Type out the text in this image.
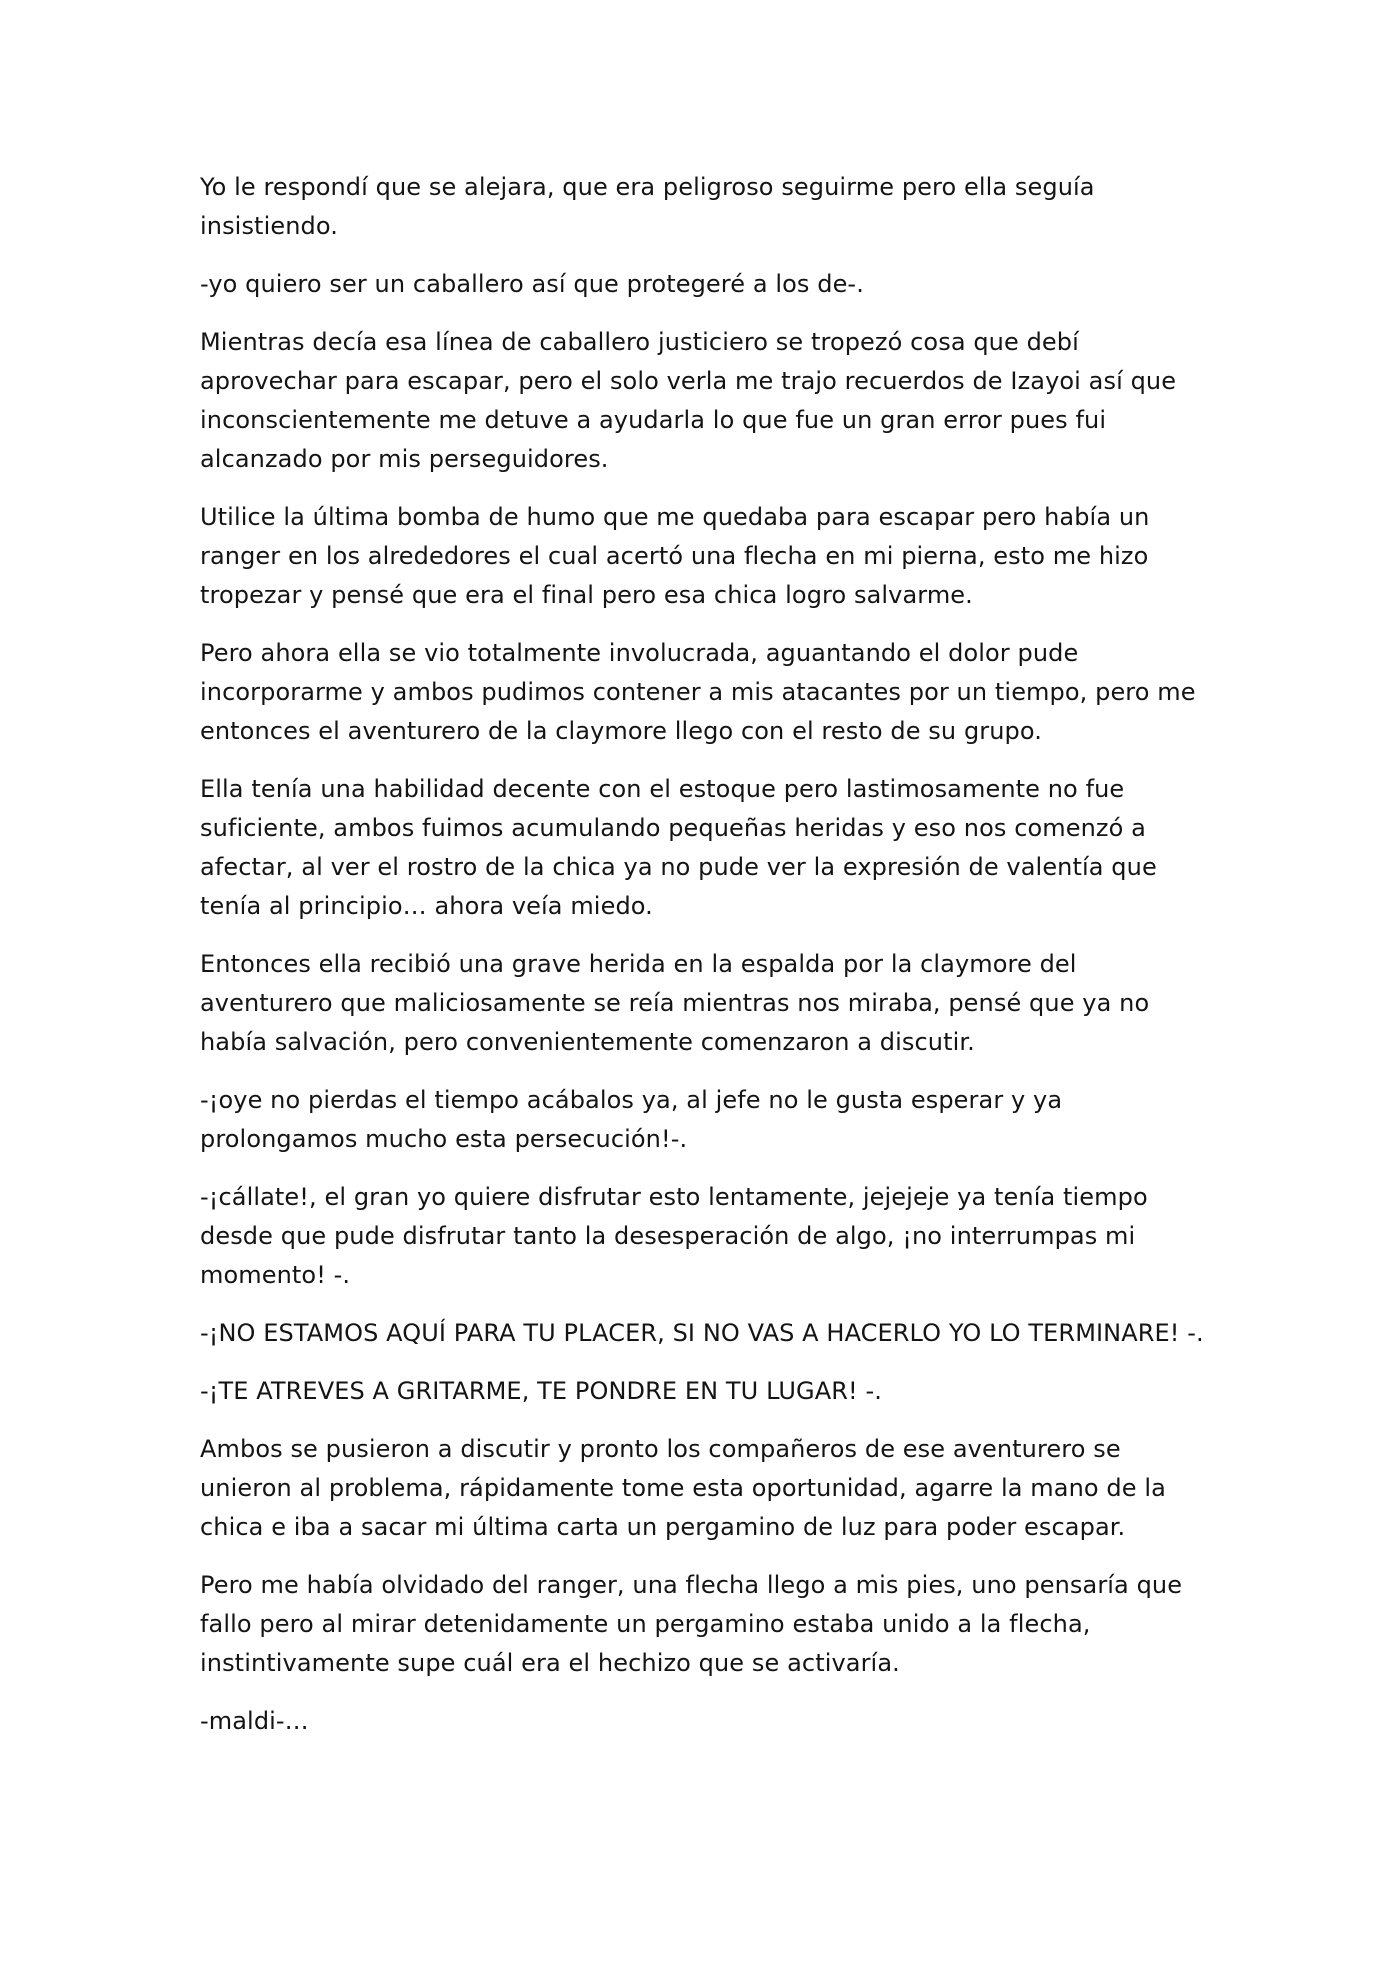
Yo le respondí que se alejara, que era peligroso seguirme pero ella seguía insistiendo.

-yo quiero ser un caballero así que protegeré a los de-.

Mientras decía esa línea de caballero justiciero se tropezó cosa que debí aprovechar para escapar, pero el solo verla me trajo recuerdos de Izayoi así que inconscientemente me detuve a ayudarla lo que fue un gran error pues fui alcanzado por mis perseguidores.

Utilice la última bomba de humo que me quedaba para escapar pero había un ranger en los alrededores el cual acertó una flecha en mi pierna, esto me hizo tropezar y pensé que era el final pero esa chica logro salvarme.

Pero ahora ella se vio totalmente involucrada, aguantando el dolor pude incorporarme y ambos pudimos contener a mis atacantes por un tiempo, pero me entonces el aventurero de la claymore llego con el resto de su grupo.

Ella tenía una habilidad decente con el estoque pero lastimosamente no fue suficiente, ambos fuimos acumulando pequeñas heridas y eso nos comenzó a afectar, al ver el rostro de la chica ya no pude ver la expresión de valentía que tenía al principio… ahora veía miedo.

Entonces ella recibió una grave herida en la espalda por la claymore del aventurero que maliciosamente se reía mientras nos miraba, pensé que ya no había salvación, pero convenientemente comenzaron a discutir.

-¡oye no pierdas el tiempo acábalos ya, al jefe no le gusta esperar y ya prolongamos mucho esta persecución!-.

-¡cállate!, el gran yo quiere disfrutar esto lentamente, jejejeje ya tenía tiempo desde que pude disfrutar tanto la desesperación de algo, ¡no interrumpas mi momento! -.

-¡NO ESTAMOS AQUÍ PARA TU PLACER, SI NO VAS A HACERLO YO LO TERMINARE! -.

-¡TE ATREVES A GRITARME, TE PONDRE EN TU LUGAR! -.

Ambos se pusieron a discutir y pronto los compañeros de ese aventurero se unieron al problema, rápidamente tome esta oportunidad, agarre la mano de la chica e iba a sacar mi última carta un pergamino de luz para poder escapar.

Pero me había olvidado del ranger, una flecha llego a mis pies, uno pensaría que fallo pero al mirar detenidamente un pergamino estaba unido a la flecha, instintivamente supe cuál era el hechizo que se activaría.

-maldi-…
